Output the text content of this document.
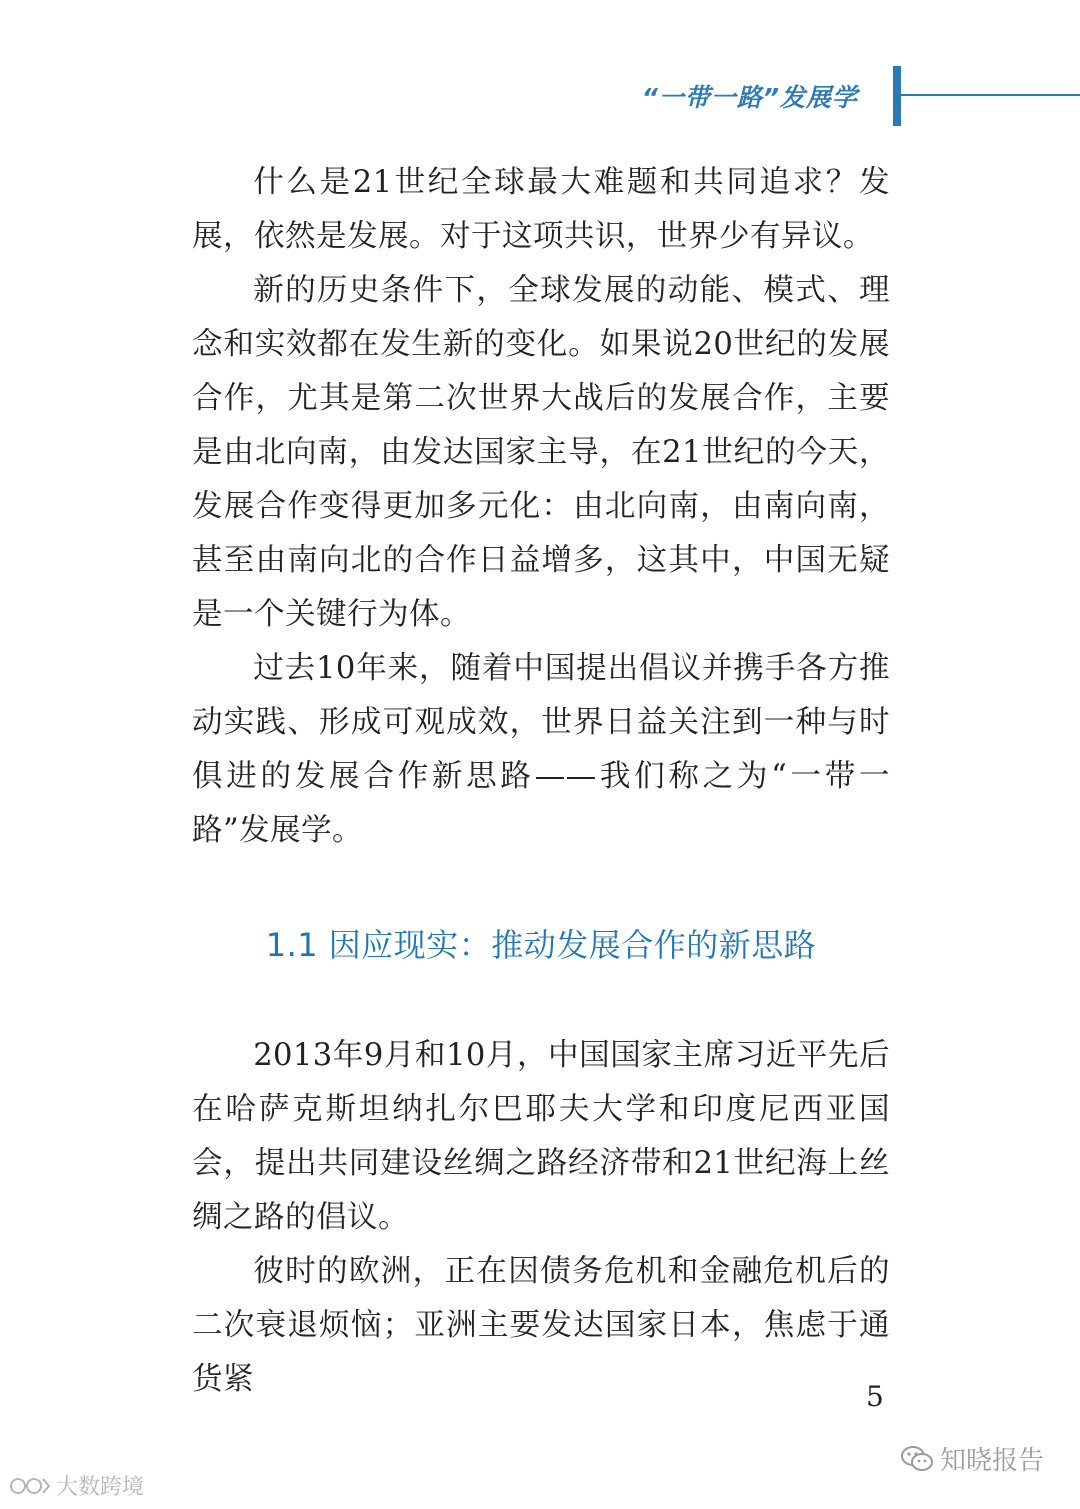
“一带一路”发展学

什么是21世纪全球最大难题和共同追求？发展，依然是发展。对于这项共识，世界少有异议。

新的历史条件下，全球发展的动能、模式、理念和实效都在发生新的变化。如果说20世纪的发展合作，尤其是第二次世界大战后的发展合作，主要是由北向南，由发达国家主导，在21世纪的今天，发展合作变得更加多元化：由北向南，由南向南，甚至由南向北的合作日益增多，这其中，中国无疑是一个关键行为体。

过去10年来，随着中国提出倡议并携手各方推动实践、形成可观成效，世界日益关注到一种与时俱进的发展合作新思路——我们称之为“一带一路”发展学。

1.1 因应现实：推动发展合作的新思路

2013年9月和10月，中国国家主席习近平先后在哈萨克斯坦纳扎尔巴耶夫大学和印度尼西亚国会，提出共同建设丝绸之路经济带和21世纪海上丝绸之路的倡议。

彼时的欧洲，正在因债务危机和金融危机后的二次衰退烦恼；亚洲主要发达国家日本，焦虑于通货紧	5
知晓报告
大数跨境
